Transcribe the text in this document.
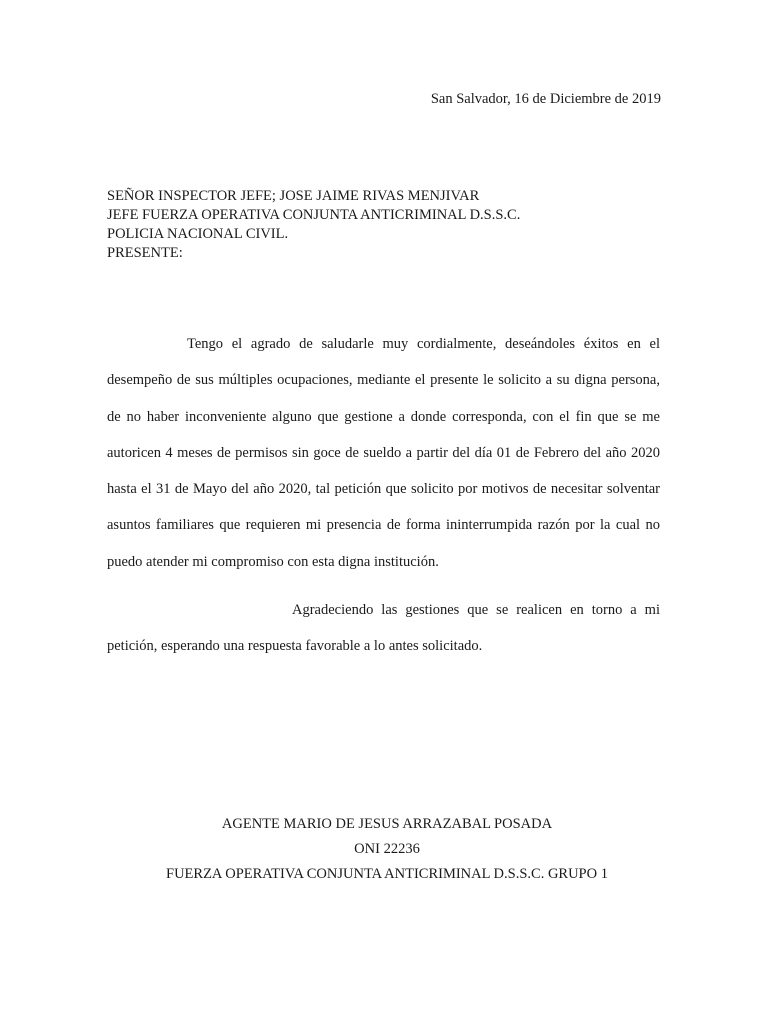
San Salvador, 16 de Diciembre de 2019
SEÑOR INSPECTOR JEFE; JOSE JAIME RIVAS MENJIVAR
JEFE FUERZA OPERATIVA CONJUNTA ANTICRIMINAL D.S.S.C.
POLICIA NACIONAL CIVIL.
PRESENTE:

Tengo el agrado de saludarle muy cordialmente, deseándoles éxitos en el desempeño de sus múltiples ocupaciones, mediante el presente le solicito a su digna persona, de no haber inconveniente alguno que gestione a donde corresponda, con el fin que se me autoricen 4 meses de permisos sin goce de sueldo a partir del día 01 de Febrero del año 2020 hasta el 31 de Mayo del año 2020, tal petición que solicito por motivos de necesitar solventar asuntos familiares que requieren mi presencia de forma ininterrumpida razón por la cual no puedo atender mi compromiso con esta digna institución.

Agradeciendo las gestiones que se realicen en torno a mi petición, esperando una respuesta favorable a lo antes solicitado.

AGENTE MARIO DE JESUS ARRAZABAL POSADA
ONI 22236
FUERZA OPERATIVA CONJUNTA ANTICRIMINAL D.S.S.C. GRUPO 1
